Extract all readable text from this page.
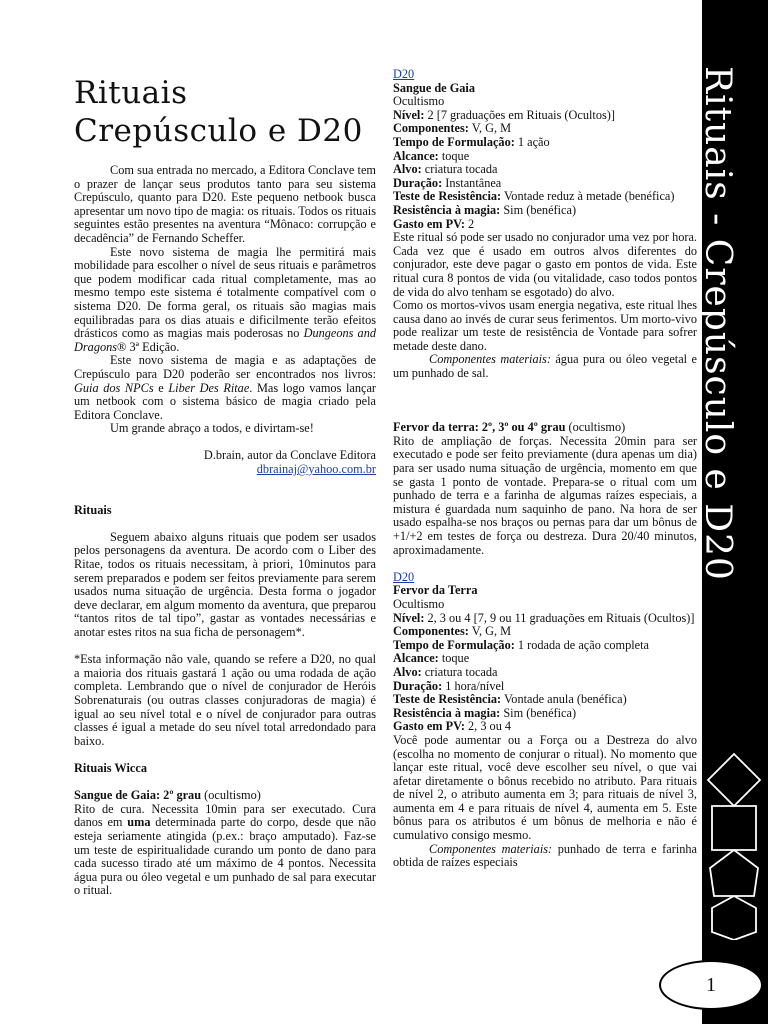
Rituais
Crepúsculo e D20

Com sua entrada no mercado, a Editora Conclave tem o prazer de lançar seus produtos tanto para seu sistema Crepúsculo, quanto para D20. Este pequeno netbook busca apresentar um novo tipo de magia: os rituais. Todos os rituais seguintes estão presentes na aventura “Mônaco: corrupção e decadência” de Fernando Scheffer.

Este novo sistema de magia lhe permitirá mais mobilidade para escolher o nível de seus rituais e parâmetros que podem modificar cada ritual completamente, mas ao mesmo tempo este sistema é totalmente compatível com o sistema D20. De forma geral, os rituais são magias mais equilibradas para os dias atuais e dificilmente terão efeitos drásticos como as magias mais poderosas no Dungeons and Dragons® 3ª Edição.

Este novo sistema de magia e as adaptações de Crepúsculo para D20 poderão ser encontrados nos livros: Guia dos NPCs e Liber Des Ritae. Mas logo vamos lançar um netbook com o sistema básico de magia criado pela Editora Conclave.

Um grande abraço a todos, e divirtam-se!

D.brain, autor da Conclave Editora

dbrainaj@yahoo.com.br

Rituais

Seguem abaixo alguns rituais que podem ser usados pelos personagens da aventura. De acordo com o Liber des Ritae, todos os rituais necessitam, à priori, 10minutos para serem preparados e podem ser feitos previamente para serem usados numa situação de urgência. Desta forma o jogador deve declarar, em algum momento da aventura, que preparou “tantos ritos de tal tipo”, gastar as vontades necessárias e anotar estes ritos na sua ficha de personagem*.

*Esta informação não vale, quando se refere a D20, no qual a maioria dos rituais gastará 1 ação ou uma rodada de ação completa. Lembrando que o nível de conjurador de Heróis Sobrenaturais (ou outras classes conjuradoras de magia) é igual ao seu nível total e o nível de conjurador para outras classes é igual a metade do seu nível total arredondado para baixo.

Rituais Wicca

Sangue de Gaia: 2º grau (ocultismo)

Rito de cura. Necessita 10min para ser executado. Cura danos em uma determinada parte do corpo, desde que não esteja seriamente atingida (p.ex.: braço amputado). Faz-se um teste de espiritualidade curando um ponto de dano para cada sucesso tirado até um máximo de 4 pontos. Necessita água pura ou óleo vegetal e um punhado de sal para executar o ritual.

D20

Sangue de Gaia

Ocultismo

Nível: 2 [7 graduações em Rituais (Ocultos)]

Componentes: V, G, M

Tempo de Formulação: 1 ação

Alcance: toque

Alvo: criatura tocada

Duração: Instantânea

Teste de Resistência: Vontade reduz à metade (benéfica)

Resistência à magia: Sim (benéfica)

Gasto em PV: 2

Este ritual só pode ser usado no conjurador uma vez por hora. Cada vez que é usado em outros alvos diferentes do conjurador, este deve pagar o gasto em pontos de vida. Este ritual cura 8 pontos de vida (ou vitalidade, caso todos pontos de vida do alvo tenham se esgotado) do alvo.

Como os mortos-vivos usam energia negativa, este ritual lhes causa dano ao invés de curar seus ferimentos. Um morto-vivo pode realizar um teste de resistência de Vontade para sofrer metade deste dano.

Componentes materiais: água pura ou óleo vegetal e um punhado de sal.

Fervor da terra: 2º, 3º ou 4º grau (ocultismo)

Rito de ampliação de forças. Necessita 20min para ser executado e pode ser feito previamente (dura apenas um dia) para ser usado numa situação de urgência, momento em que se gasta 1 ponto de vontade. Prepara-se o ritual com um punhado de terra e a farinha de algumas raízes especiais, a mistura é guardada num saquinho de pano. Na hora de ser usado espalha-se nos braços ou pernas para dar um bônus de +1/+2 em testes de força ou destreza. Dura 20/40 minutos, aproximadamente.

D20

Fervor da Terra

Ocultismo

Nível: 2, 3 ou 4 [7, 9 ou 11 graduações em Rituais (Ocultos)]

Componentes: V, G, M

Tempo de Formulação: 1 rodada de ação completa

Alcance: toque

Alvo: criatura tocada

Duração: 1 hora/nível

Teste de Resistência: Vontade anula (benéfica)

Resistência à magia: Sim (benéfica)

Gasto em PV: 2, 3 ou 4

Você pode aumentar ou a Força ou a Destreza do alvo (escolha no momento de conjurar o ritual). No momento que lançar este ritual, você deve escolher seu nível, o que vai afetar diretamente o bônus recebido no atributo. Para rituais de nível 2, o atributo aumenta em 3; para rituais de nível 3, aumenta em 4 e para rituais de nível 4, aumenta em 5. Este bônus para os atributos é um bônus de melhoria e não é cumulativo consigo mesmo.

Componentes materiais: punhado de terra e farinha obtida de raízes especiais

Rituais - Crepúsculo e D20
1
